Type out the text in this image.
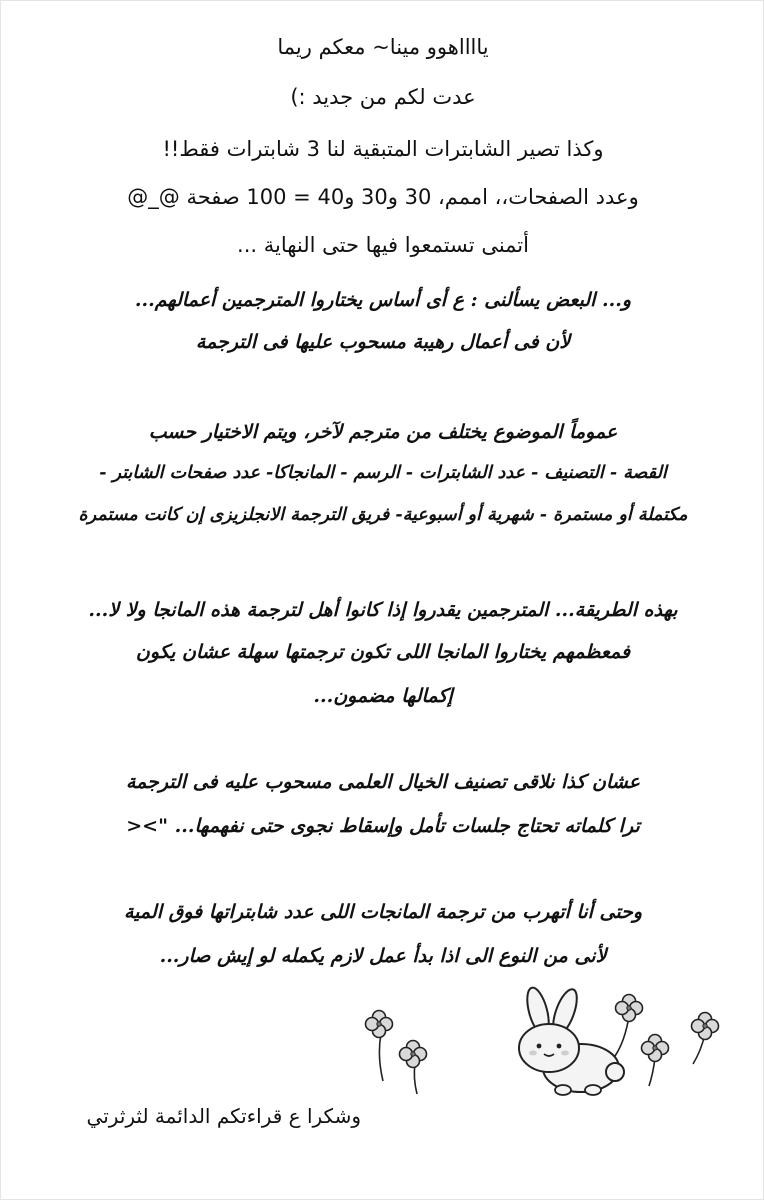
يااااهوو مينا~ معكم ريما
عدت لكم من جديد :)
وكذا تصير الشابترات المتبقية لنا 3 شابترات فقط!!
وعدد الصفحات،، اممم، 30 و30 و40 = 100 صفحة @_@
أتمنى تستمعوا فيها حتى النهاية ...
و... البعض يسألنى : ع أى أساس يختاروا المترجمين أعمالهم...
لأن فى أعمال رهيبة مسحوب عليها فى الترجمة
عموماً الموضوع يختلف من مترجم لآخر، ويتم الاختيار حسب
القصة - التصنيف - عدد الشابترات - الرسم - المانجاكا- عدد صفحات الشابتر -
مكتملة أو مستمرة - شهرية أو أسبوعية- فريق الترجمة الانجلزيزى إن كانت مستمرة
بهذه الطريقة... المترجمين يقدروا إذا كانوا أهل لترجمة هذه المانجا ولا لا...
فمعظمهم يختاروا المانجا اللى تكون ترجمتها سهلة عشان يكون
إكمالها مضمون...
عشان كذا نلاقى تصنيف الخيال العلمى مسحوب عليه فى الترجمة
ترا كلماته تحتاج جلسات تأمل وإسقاط نجوى حتى نفهمها... "><
وحتى أنا أتهرب من ترجمة المانجات اللى عدد شابتراتها فوق المية
لأنى من النوع الى اذا بدأ عمل لازم يكمله لو إيش صار...
وشكرا ع قراءتكم الدائمة لثرثرتي
